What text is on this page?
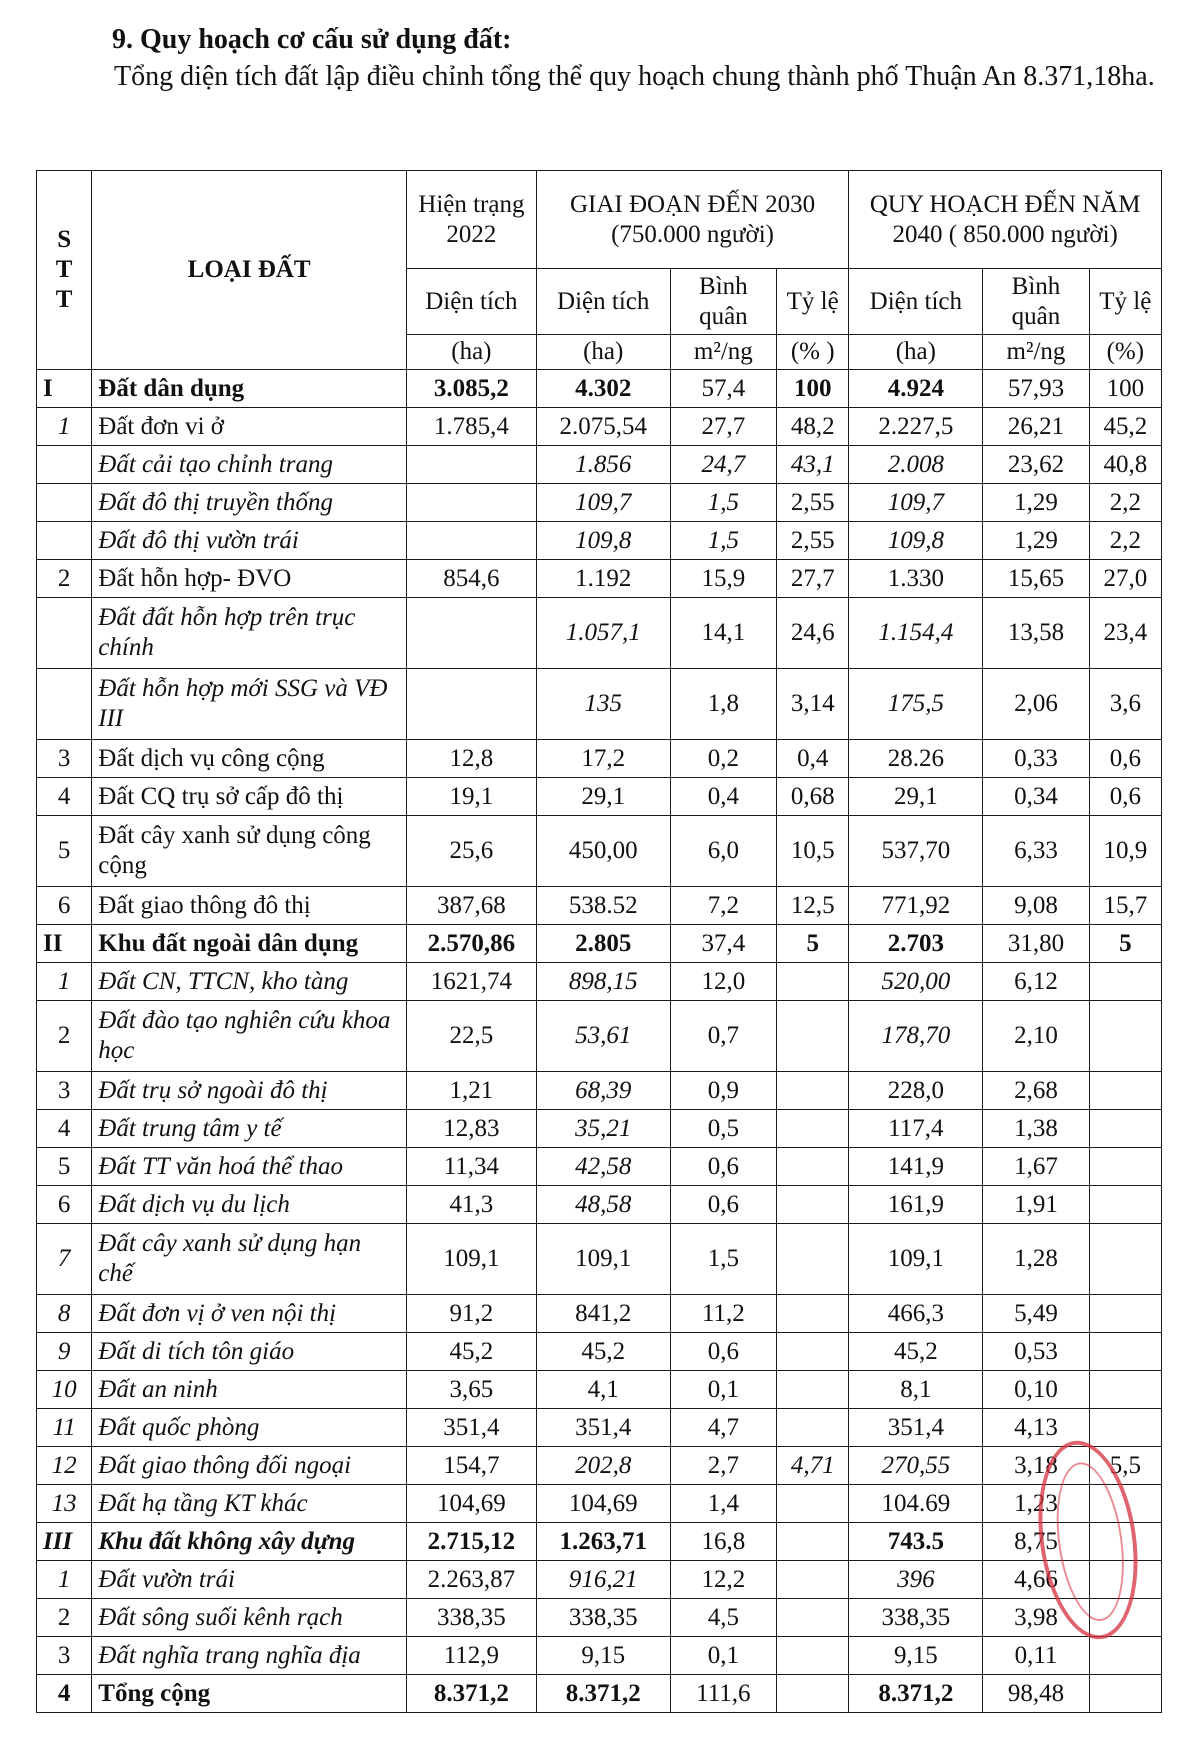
9. Quy hoạch cơ cấu sử dụng đất:
Tổng diện tích đất lập điều chỉnh tổng thể quy hoạch chung thành phố Thuận An 8.371,18ha.
S T T	LOẠI ĐẤT	Hiện trạng 2022	GIAI ĐOẠN ĐẾN 2030 (750.000 người)			QUY HOẠCH ĐẾN NĂM 2040 ( 850.000 người)		
		Diện tích	Diện tích	Bình quân	Tỷ lệ	Diện tích	Bình quân	Tỷ lệ
		(ha)	(ha)	m²/ng	(% )	(ha)	m²/ng	(%)
I	Đất dân dụng	3.085,2	4.302	57,4	100	4.924	57,93	100
1	Đất đơn vi ở	1.785,4	2.075,54	27,7	48,2	2.227,5	26,21	45,2
	Đất cải tạo chỉnh trang		1.856	24,7	43,1	2.008	23,62	40,8
	Đất đô thị truyền thống		109,7	1,5	2,55	109,7	1,29	2,2
	Đất đô thị vườn trái		109,8	1,5	2,55	109,8	1,29	2,2
2	Đất hỗn hợp- ĐVO	854,6	1.192	15,9	27,7	1.330	15,65	27,0
	Đất đất hỗn hợp trên trục chính		1.057,1	14,1	24,6	1.154,4	13,58	23,4
	Đất hỗn hợp mới SSG và VĐ III		135	1,8	3,14	175,5	2,06	3,6
3	Đất dịch vụ công cộng	12,8	17,2	0,2	0,4	28.26	0,33	0,6
4	Đất CQ trụ sở cấp đô thị	19,1	29,1	0,4	0,68	29,1	0,34	0,6
5	Đất cây xanh sử dụng công cộng	25,6	450,00	6,0	10,5	537,70	6,33	10,9
6	Đất giao thông đô thị	387,68	538.52	7,2	12,5	771,92	9,08	15,7
II	Khu đất ngoài dân dụng	2.570,86	2.805	37,4	5	2.703	31,80	5
1	Đất CN, TTCN, kho tàng	1621,74	898,15	12,0		520,00	6,12	
2	Đất đào tạo nghiên cứu khoa học	22,5	53,61	0,7		178,70	2,10	
3	Đất trụ sở ngoài đô thị	1,21	68,39	0,9		228,0	2,68	
4	Đất trung tâm y tế	12,83	35,21	0,5		117,4	1,38	
5	Đất TT văn hoá thể thao	11,34	42,58	0,6		141,9	1,67	
6	Đất dịch vụ du lịch	41,3	48,58	0,6		161,9	1,91	
7	Đất cây xanh sử dụng hạn chế	109,1	109,1	1,5		109,1	1,28	
8	Đất đơn vị ở ven nội thị	91,2	841,2	11,2		466,3	5,49	
9	Đất di tích tôn giáo	45,2	45,2	0,6		45,2	0,53	
10	Đất an ninh	3,65	4,1	0,1		8,1	0,10	
11	Đất quốc phòng	351,4	351,4	4,7		351,4	4,13	
12	Đất giao thông đối ngoại	154,7	202,8	2,7	4,71	270,55	3,18	5,5
13	Đất hạ tầng KT khác	104,69	104,69	1,4		104.69	1,23	
III	Khu đất không xây dựng	2.715,12	1.263,71	16,8		743.5	8,75	
1	Đất vườn trái	2.263,87	916,21	12,2		396	4,66	
2	Đất sông suối kênh rạch	338,35	338,35	4,5		338,35	3,98	
3	Đất nghĩa trang nghĩa địa	112,9	9,15	0,1		9,15	0,11	
4	Tổng cộng	8.371,2	8.371,2	111,6		8.371,2	98,48	
